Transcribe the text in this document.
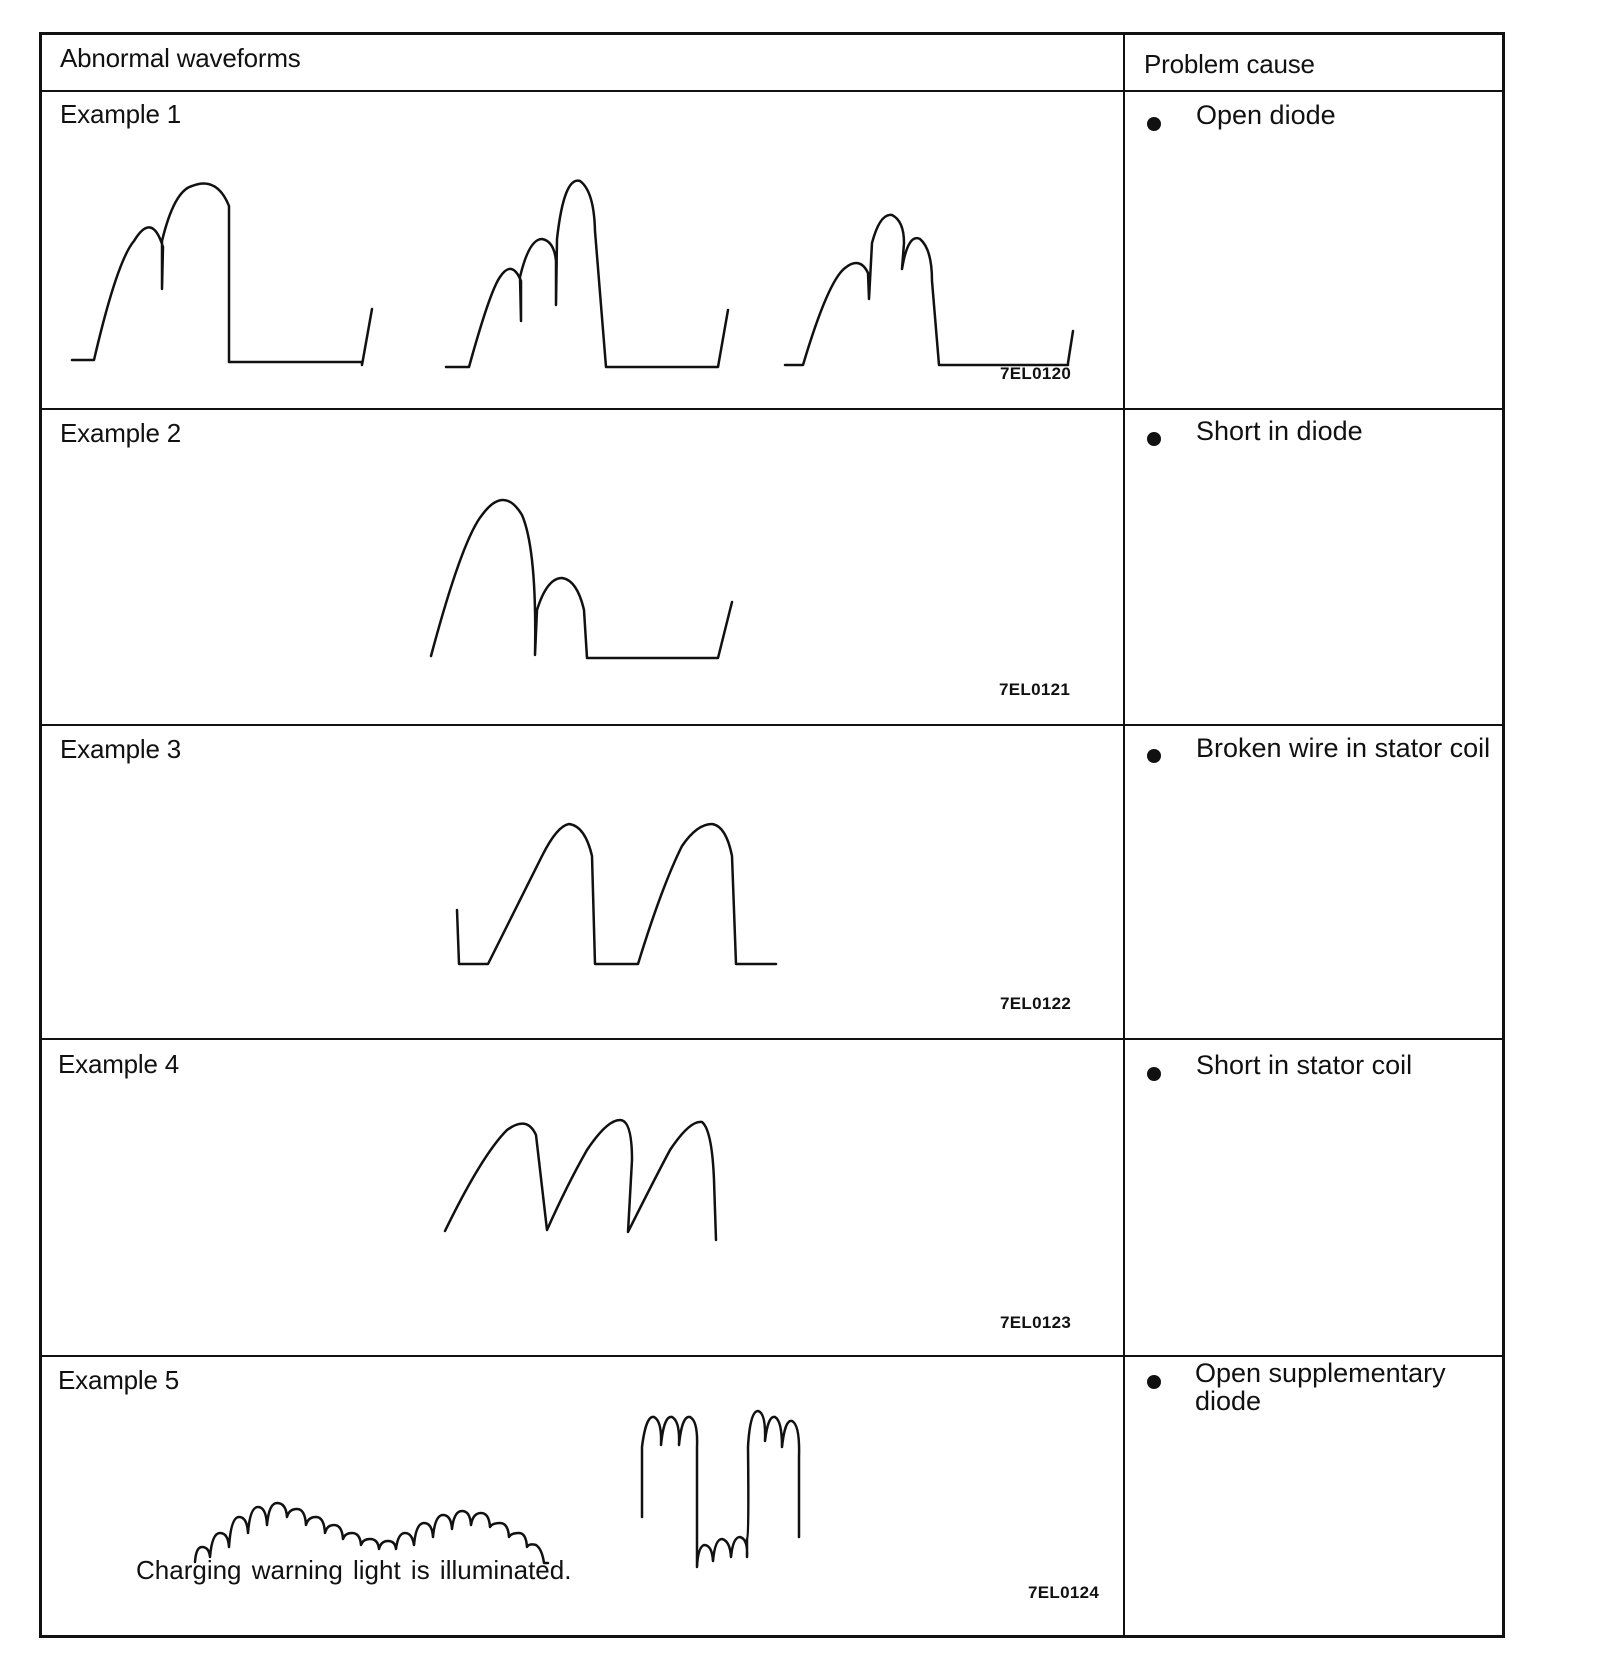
Abnormal waveforms	Problem cause
Example 1
7EL0120
Open diode
Example 2
7EL0121
Short in diode
Example 3
7EL0122
Broken wire in stator coil
Example 4
7EL0123
Short in stator coil
Example 5
Charging warning light is illuminated.
7EL0124
Open supplementary diode
